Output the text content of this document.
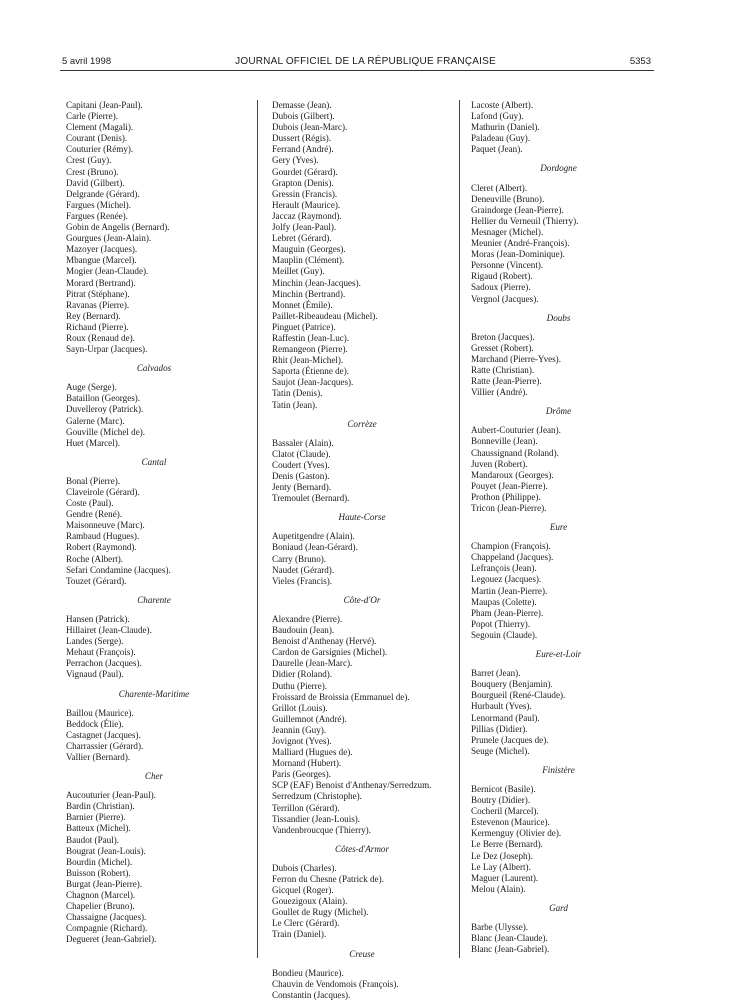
5 avril 1998	JOURNAL OFFICIEL DE LA RÉPUBLIQUE FRANÇAISE	5353
Capitani (Jean-Paul).
Carle (Pierre).
Clement (Magali).
Courant (Denis).
Couturier (Rémy).
Crest (Guy).
Crest (Bruno).
David (Gilbert).
Delgrande (Gérard).
Fargues (Michel).
Fargues (Renée).
Gobin de Angelis (Bernard).
Gourgues (Jean-Alain).
Mazoyer (Jacques).
Mbangue (Marcel).
Mogier (Jean-Claude).
Morard (Bertrand).
Pitrat (Stéphane).
Ravanas (Pierre).
Rey (Bernard).
Richaud (Pierre).
Roux (Renaud de).
Sayn-Urpar (Jacques).
Calvados
Auge (Serge).
Bataillon (Georges).
Duvelleroy (Patrick).
Galerne (Marc).
Gouville (Michel de).
Huet (Marcel).
Cantal
Bonal (Pierre).
Claveirole (Gérard).
Coste (Paul).
Gendre (René).
Maisonneuve (Marc).
Rambaud (Hugues).
Robert (Raymond).
Roche (Albert).
Sefari Condamine (Jacques).
Touzet (Gérard).
Charente
Hansen (Patrick).
Hillairet (Jean-Claude).
Landes (Serge).
Mehaut (François).
Perrachon (Jacques).
Vignaud (Paul).
Charente-Maritime
Baillou (Maurice).
Beddock (Élie).
Castagnet (Jacques).
Charrassier (Gérard).
Vallier (Bernard).
Cher
Aucouturier (Jean-Paul).
Bardin (Christian).
Barnier (Pierre).
Batteux (Michel).
Baudot (Paul).
Bougrat (Jean-Louis).
Bourdin (Michel).
Buisson (Robert).
Burgat (Jean-Pierre).
Chagnon (Marcel).
Chapelier (Bruno).
Chassaigne (Jacques).
Compagnie (Richard).
Degueret (Jean-Gabriel).
Demasse (Jean).
Dubois (Gilbert).
Dubois (Jean-Marc).
Dussert (Régis).
Ferrand (André).
Gery (Yves).
Gourdet (Gérard).
Grapton (Denis).
Gressin (Francis).
Herault (Maurice).
Jaccaz (Raymond).
Jolfy (Jean-Paul).
Lebret (Gérard).
Mauguin (Georges).
Mauplin (Clément).
Meillet (Guy).
Minchin (Jean-Jacques).
Minchin (Bertrand).
Monnet (Émile).
Paillet-Ribeaudeau (Michel).
Pinguet (Patrice).
Raffestin (Jean-Luc).
Remangeon (Pierre).
Rhit (Jean-Michel).
Saporta (Étienne de).
Saujot (Jean-Jacques).
Tatin (Denis).
Tatin (Jean).
Corrèze
Bassaler (Alain).
Clatot (Claude).
Coudert (Yves).
Denis (Gaston).
Jenty (Bernard).
Tremoulet (Bernard).
Haute-Corse
Aupetitgendre (Alain).
Boniaud (Jean-Gérard).
Carry (Bruno).
Naudet (Gérard).
Vieles (Francis).
Côte-d'Or
Alexandre (Pierre).
Baudouin (Jean).
Benoist d'Anthenay (Hervé).
Cardon de Garsignies (Michel).
Daurelle (Jean-Marc).
Didier (Roland).
Duthu (Pierre).
Froissard de Broissia (Emmanuel de).
Grillot (Louis).
Guillemnot (André).
Jeannin (Guy).
Jovignot (Yves).
Malliard (Hugues de).
Mornand (Hubert).
Paris (Georges).
SCP (EAF) Benoist d'Anthenay/Serredzum.
Serredzum (Christophe).
Terrillon (Gérard).
Tissandier (Jean-Louis).
Vandenbroucque (Thierry).
Côtes-d'Armor
Dubois (Charles).
Ferron du Chesne (Patrick de).
Gicquel (Roger).
Gouezigoux (Alain).
Goullet de Rugy (Michel).
Le Clerc (Gérard).
Train (Daniel).
Creuse
Bondieu (Maurice).
Chauvin de Vendomois (François).
Constantin (Jacques).
Lacoste (Albert).
Lafond (Guy).
Mathurin (Daniel).
Paladeau (Guy).
Paquet (Jean).
Dordogne
Cleret (Albert).
Deneuville (Bruno).
Graindorge (Jean-Pierre).
Hellier du Verneuil (Thierry).
Mesnager (Michel).
Meunier (André-François).
Moras (Jean-Dominique).
Personne (Vincent).
Rigaud (Robert).
Sadoux (Pierre).
Vergnol (Jacques).
Doubs
Breton (Jacques).
Gresset (Robert).
Marchand (Pierre-Yves).
Ratte (Christian).
Ratte (Jean-Pierre).
Villier (André).
Drôme
Aubert-Couturier (Jean).
Bonneville (Jean).
Chaussignand (Roland).
Juven (Robert).
Mandaroux (Georges).
Pouyet (Jean-Pierre).
Prothon (Philippe).
Tricon (Jean-Pierre).
Eure
Champion (François).
Chappeland (Jacques).
Lefrançois (Jean).
Legouez (Jacques).
Martin (Jean-Pierre).
Maupas (Colette).
Pham (Jean-Pierre).
Popot (Thierry).
Segouin (Claude).
Eure-et-Loir
Barret (Jean).
Bouquery (Benjamin).
Bourgueil (René-Claude).
Hurbault (Yves).
Lenormand (Paul).
Pillias (Didier).
Prunele (Jacques de).
Seuge (Michel).
Finistère
Bernicot (Basile).
Boutry (Didier).
Cocheril (Marcel).
Estevenon (Maurice).
Kermenguy (Olivier de).
Le Berre (Bernard).
Le Dez (Joseph).
Le Lay (Albert).
Maguer (Laurent).
Melou (Alain).
Gard
Barbe (Ulysse).
Blanc (Jean-Claude).
Blanc (Jean-Gabriel).
